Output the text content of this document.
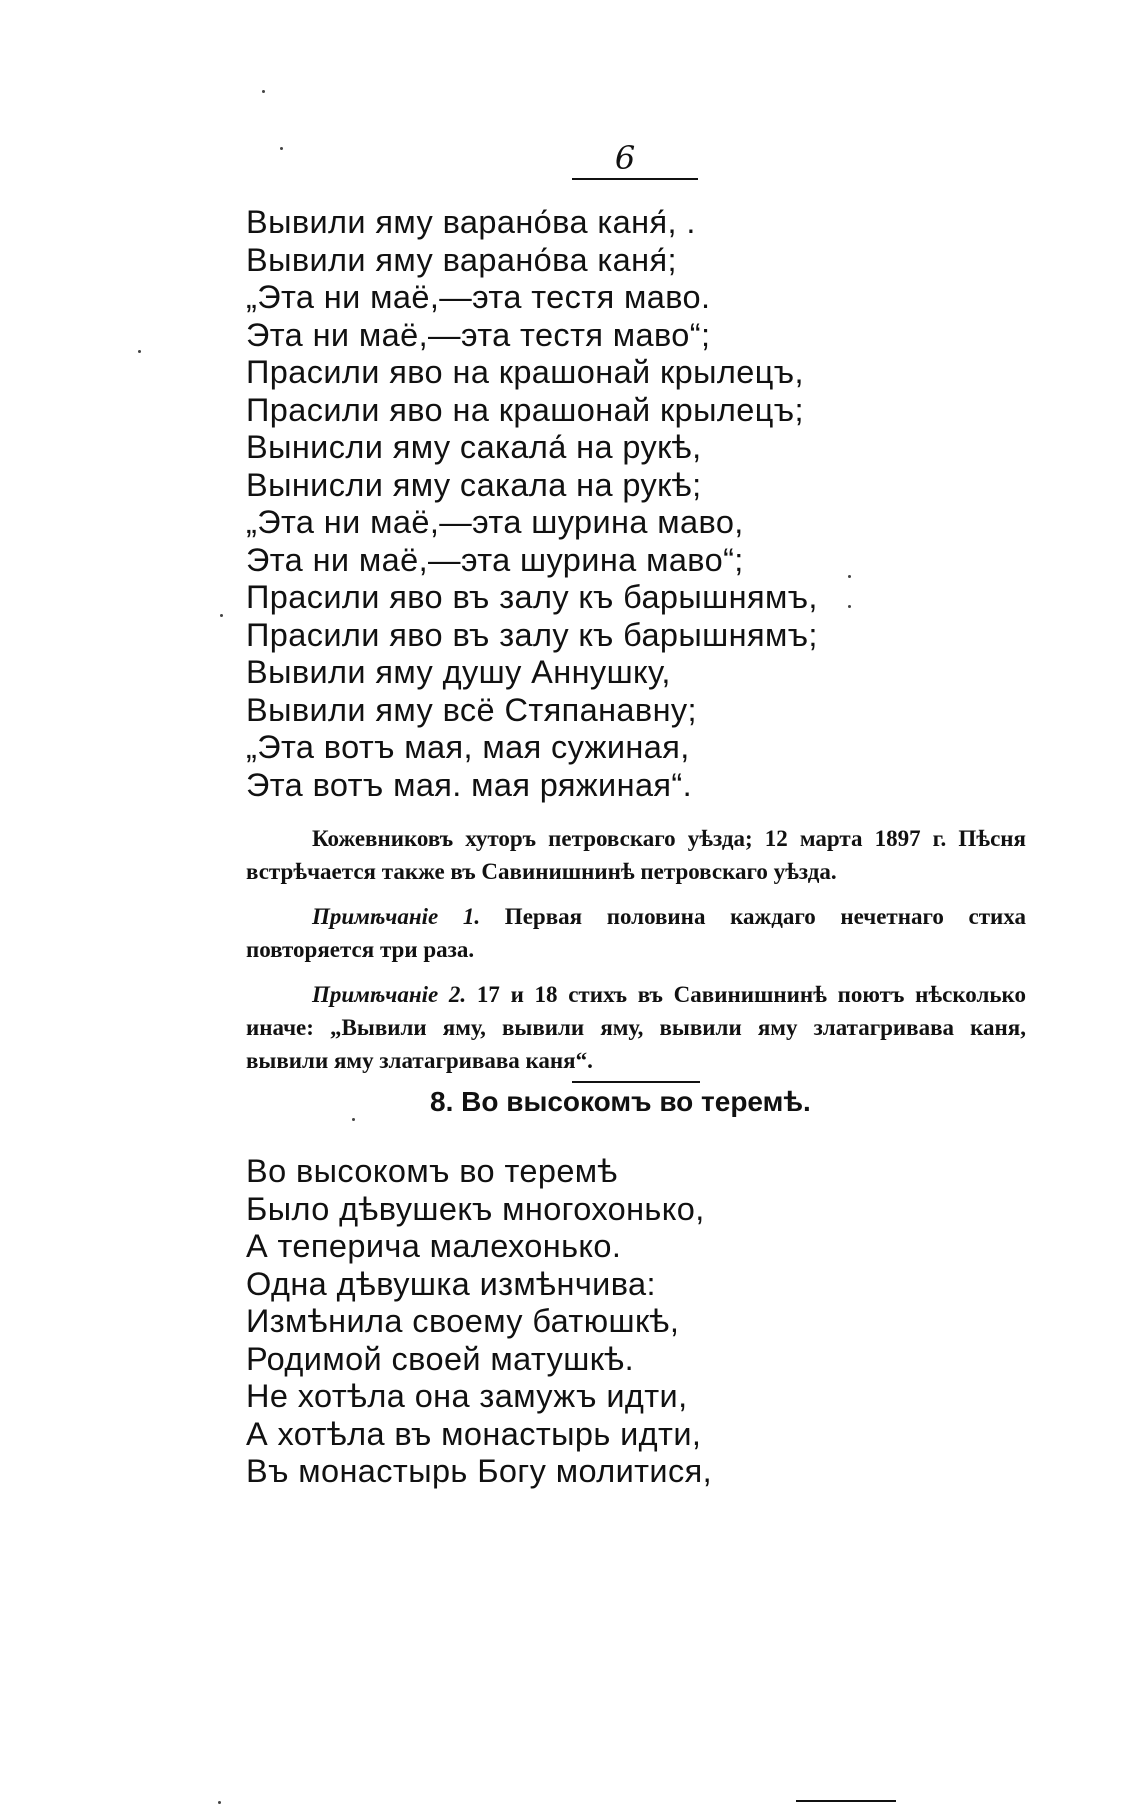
6
Вывили яму варано́ва каня́, .
Вывили яму варано́ва каня́;
„Эта ни маё,—эта тестя маво.
Эта ни маё,—эта тестя маво“;
Прасили яво на крашонай крылецъ,
Прасили яво на крашонай крылецъ;
Вынисли яму сакала́ на рукѣ,
Вынисли яму сакала на рукѣ;
„Эта ни маё,—эта шурина маво,
Эта ни маё,—эта шурина маво“;
Прасили яво въ залу къ барышнямъ,
Прасили яво въ залу къ барышнямъ;
Вывили яму душу Аннушку,
Вывили яму всё Стяпанавну;
„Эта вотъ мая, мая сужиная,
Эта вотъ мая. мая ряжиная“.

Кожевниковъ хуторъ петровскаго уѣзда; 12 марта 1897 г. Пѣсня встрѣчается также въ Савинишнинѣ петровскаго уѣзда.

Примѣчаніе 1. Первая половина каждаго нечетнаго стиха повторяется три раза.

Примѣчаніе 2. 17 и 18 стихъ въ Савинишнинѣ поютъ нѣсколько иначе: „Вывили яму, вывили яму, вывили яму златагривава каня, вывили яму златагривава каня“.

8. Во высокомъ во теремѣ.
Во высокомъ во теремѣ
Было дѣвушекъ многохонько,
А теперича малехонько.
Одна дѣвушка измѣнчива:
Измѣнила своему батюшкѣ,
Родимой своей матушкѣ.
Не хотѣла она замужъ идти,
А хотѣла въ монастырь идти,
Въ монастырь Богу молитися,
